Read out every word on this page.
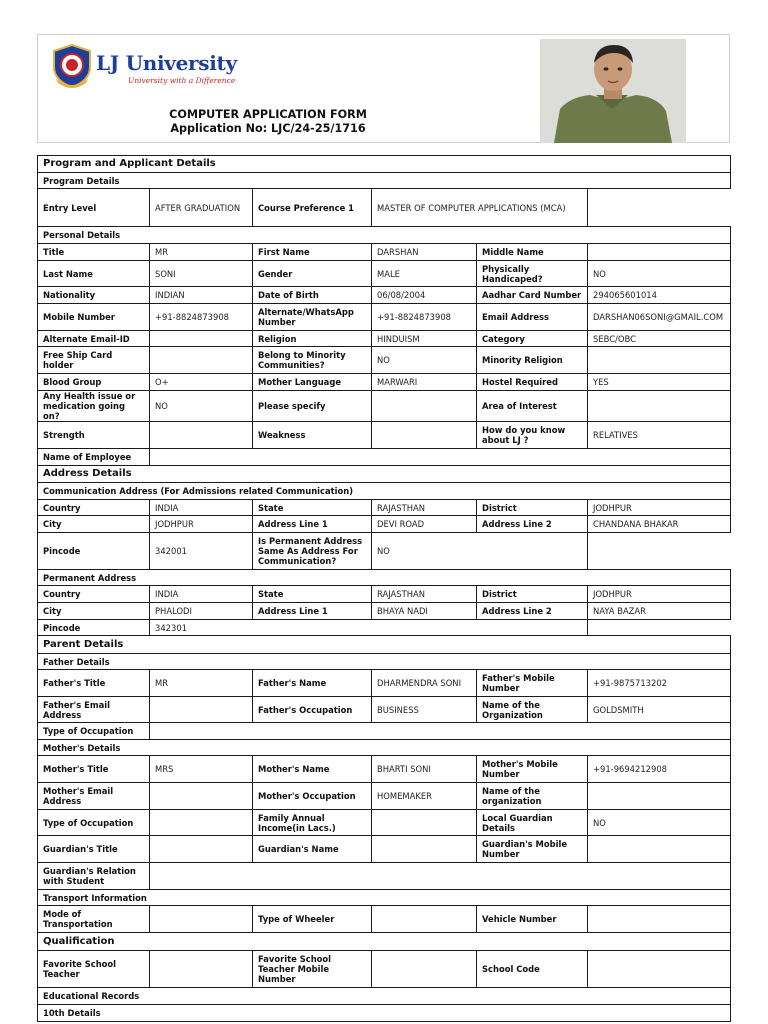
LJ University
University with a Difference
COMPUTER APPLICATION FORM
Application No: LJC/24-25/1716
Program and Applicant Details					
Program Details					
Entry Level	AFTER GRADUATION	Course Preference 1	MASTER OF COMPUTER APPLICATIONS (MCA)		
Personal Details					
Title	MR	First Name	DARSHAN	Middle Name	
Last Name	SONI	Gender	MALE	Physically Handicaped?	NO
Nationality	INDIAN	Date of Birth	06/08/2004	Aadhar Card Number	294065601014
Mobile Number	+91-8824873908	Alternate/WhatsApp Number	+91-8824873908	Email Address	DARSHAN06SONI@GMAIL.COM
Alternate Email-ID		Religion	HINDUISM	Category	SEBC/OBC
Free Ship Card holder		Belong to Minority Communities?	NO	Minority Religion	
Blood Group	O+	Mother Language	MARWARI	Hostel Required	YES
Any Health issue or medication going on?	NO	Please specify		Area of Interest	
Strength		Weakness		How do you know about LJ ?	RELATIVES
Name of Employee					
Address Details					
Communication Address (For Admissions related Communication)					
Country	INDIA	State	RAJASTHAN	District	JODHPUR
City	JODHPUR	Address Line 1	DEVI ROAD	Address Line 2	CHANDANA BHAKAR
Pincode	342001	Is Permanent Address Same As Address For Communication?	NO		
Permanent Address					
Country	INDIA	State	RAJASTHAN	District	JODHPUR
City	PHALODI	Address Line 1	BHAYA NADI	Address Line 2	NAYA BAZAR
Pincode	342301				
Parent Details					
Father Details					
Father's Title	MR	Father's Name	DHARMENDRA SONI	Father's Mobile Number	+91-9875713202
Father's Email Address		Father's Occupation	BUSINESS	Name of the Organization	GOLDSMITH
Type of Occupation					
Mother's Details					
Mother's Title	MRS	Mother's Name	BHARTI SONI	Mother's Mobile Number	+91-9694212908
Mother's Email Address		Mother's Occupation	HOMEMAKER	Name of the organization	
Type of Occupation		Family Annual Income(in Lacs.)		Local Guardian Details	NO
Guardian's Title		Guardian's Name		Guardian's Mobile Number	
Guardian's Relation with Student					
Transport Information					
Mode of Transportation		Type of Wheeler		Vehicle Number	
Qualification					
Favorite School Teacher		Favorite School Teacher Mobile Number		School Code	
Educational Records					
10th Details					
